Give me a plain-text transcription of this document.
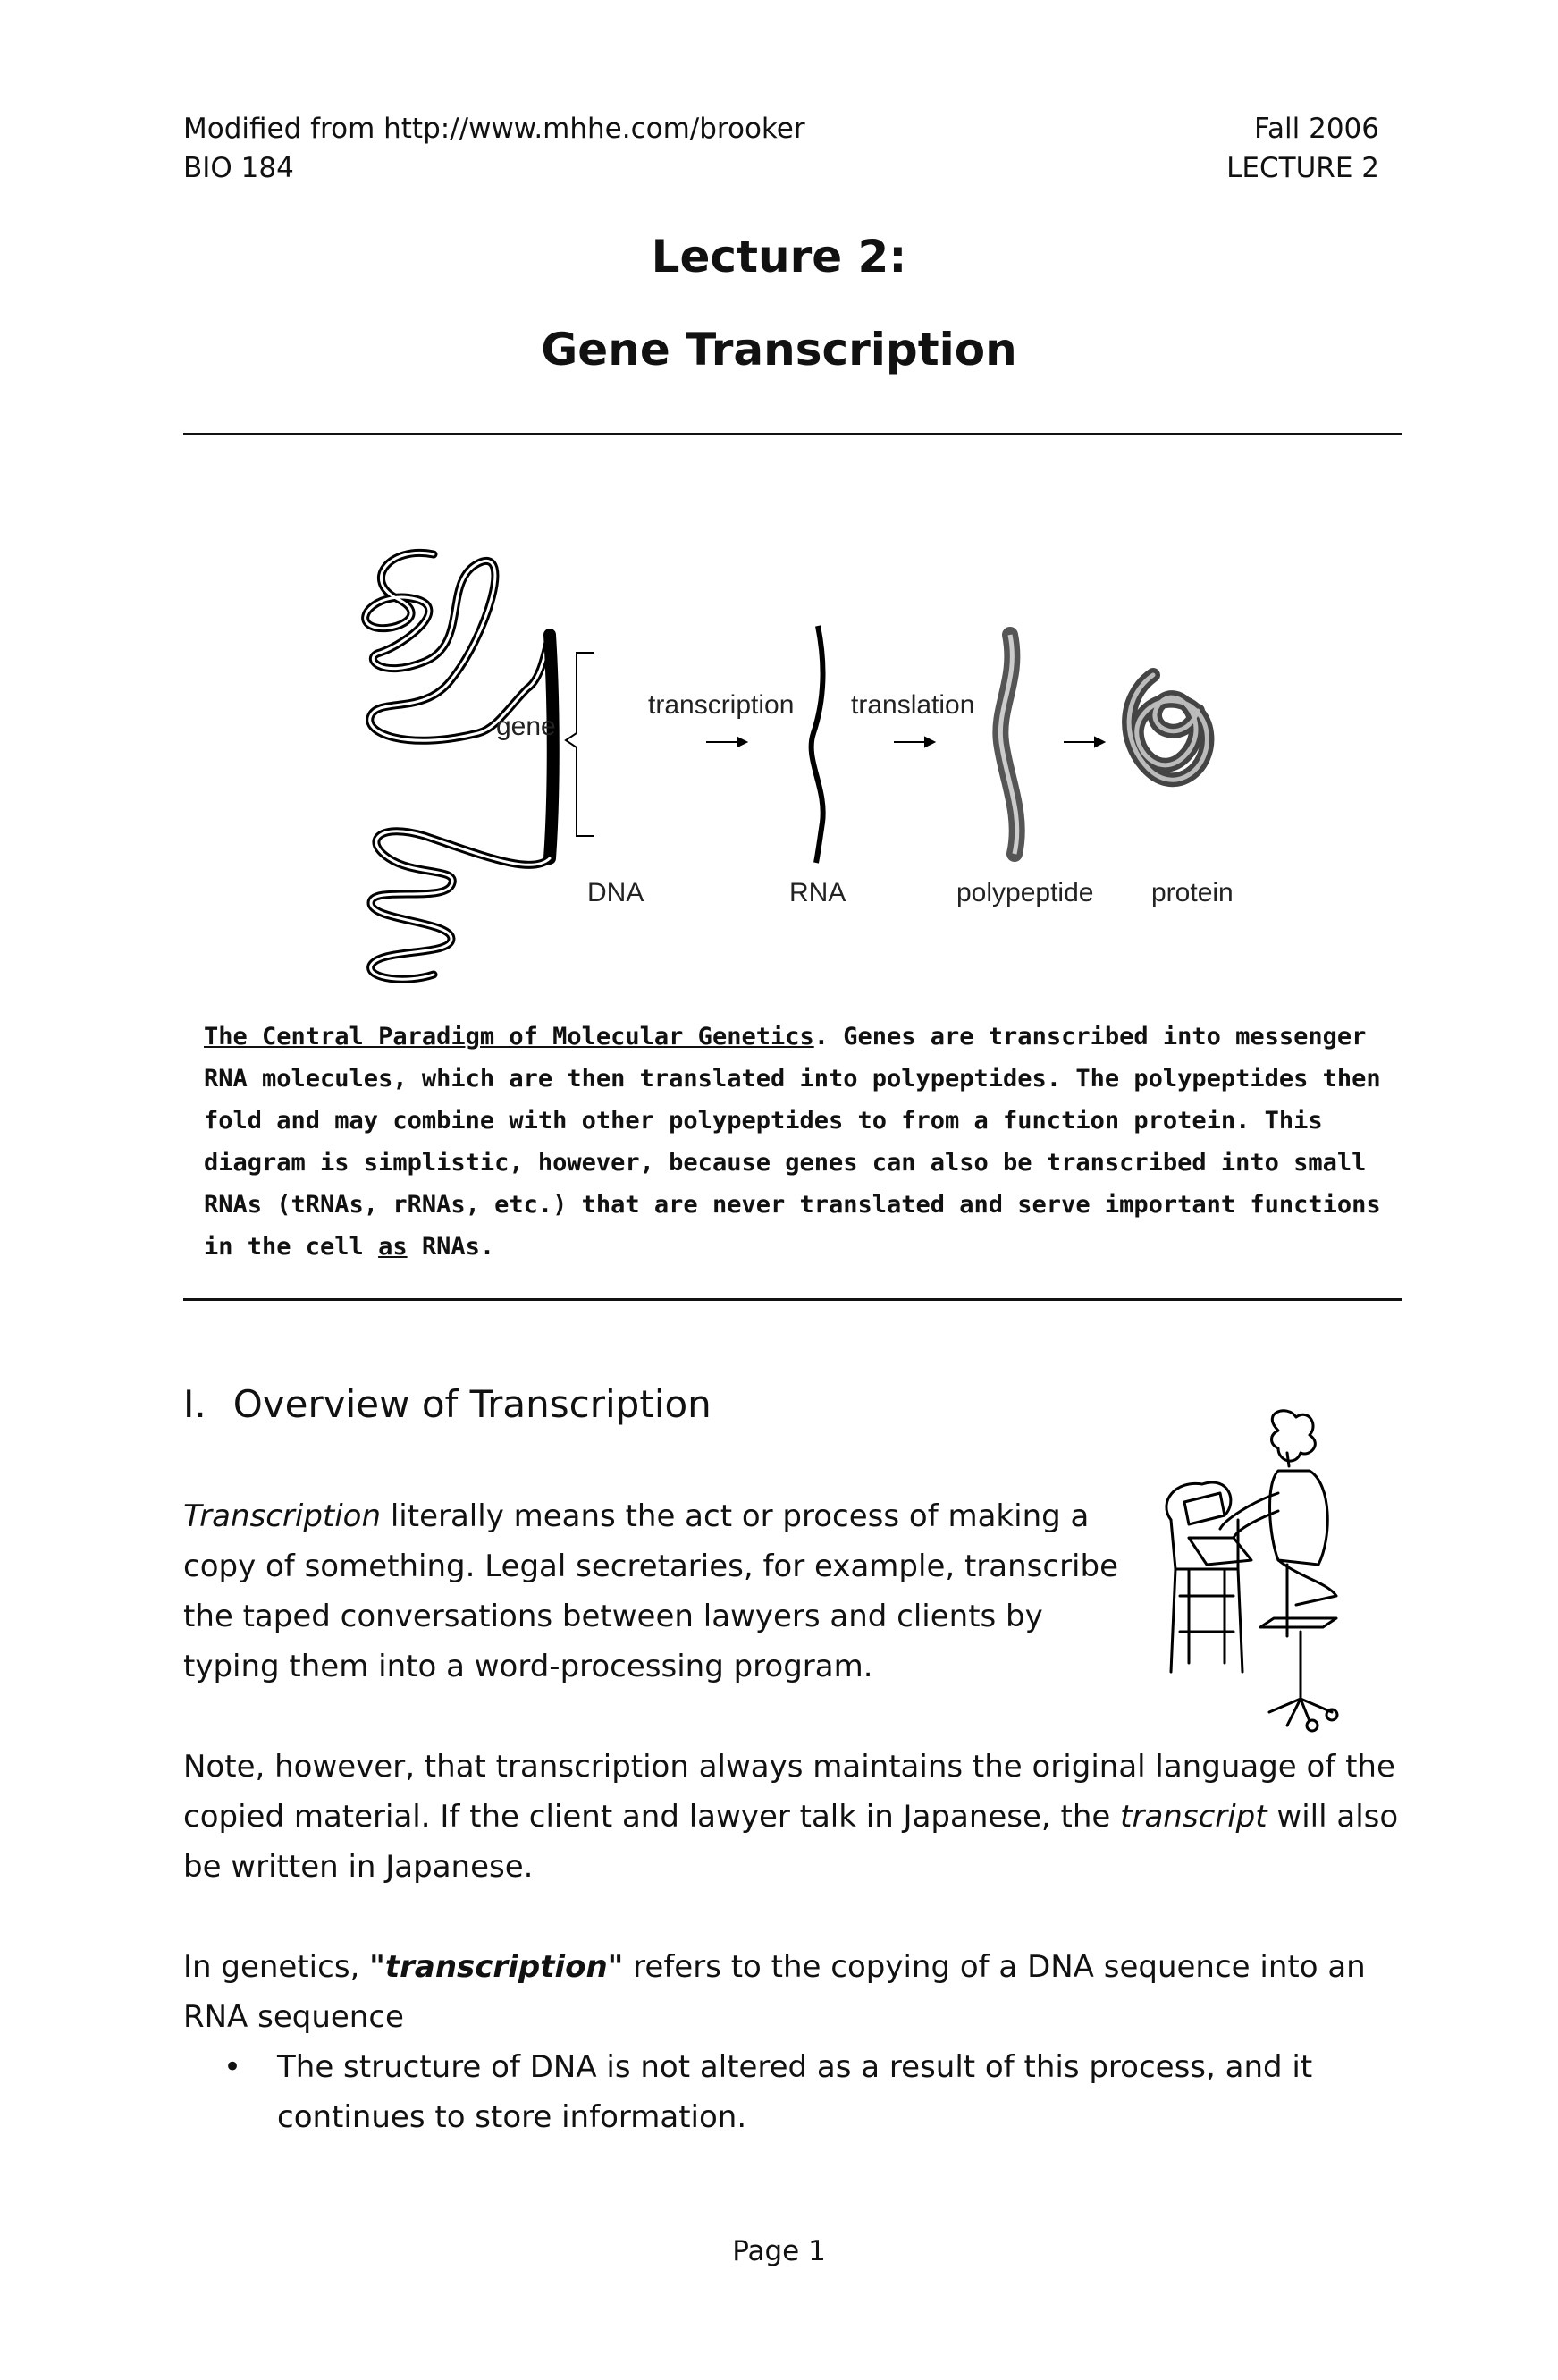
Modified from http://www.mhhe.com/brooker
BIO 184
Fall 2006
LECTURE 2
Lecture 2:
Gene Transcription
gene
DNA
transcription
RNA
translation
polypeptide protein
The Central Paradigm of Molecular Genetics. Genes are transcribed into messenger RNA molecules, which are then translated into polypeptides. The polypeptides then fold and may combine with other polypeptides to from a function protein. This diagram is simplistic, however, because genes can also be transcribed into small RNAs (tRNAs, rRNAs, etc.) that are never translated and serve important functions in the cell as RNAs.
I. Overview of Transcription
Transcription literally means the act or process of making a copy of something. Legal secretaries, for example, transcribe the taped conversations between lawyers and clients by typing them into a word-processing program.
Note, however, that transcription always maintains the original language of the copied material. If the client and lawyer talk in Japanese, the transcript will also be written in Japanese.
In genetics, "transcription" refers to the copying of a DNA sequence into an RNA sequence
•	The structure of DNA is not altered as a result of this process, and it continues to store information.
Page 1
